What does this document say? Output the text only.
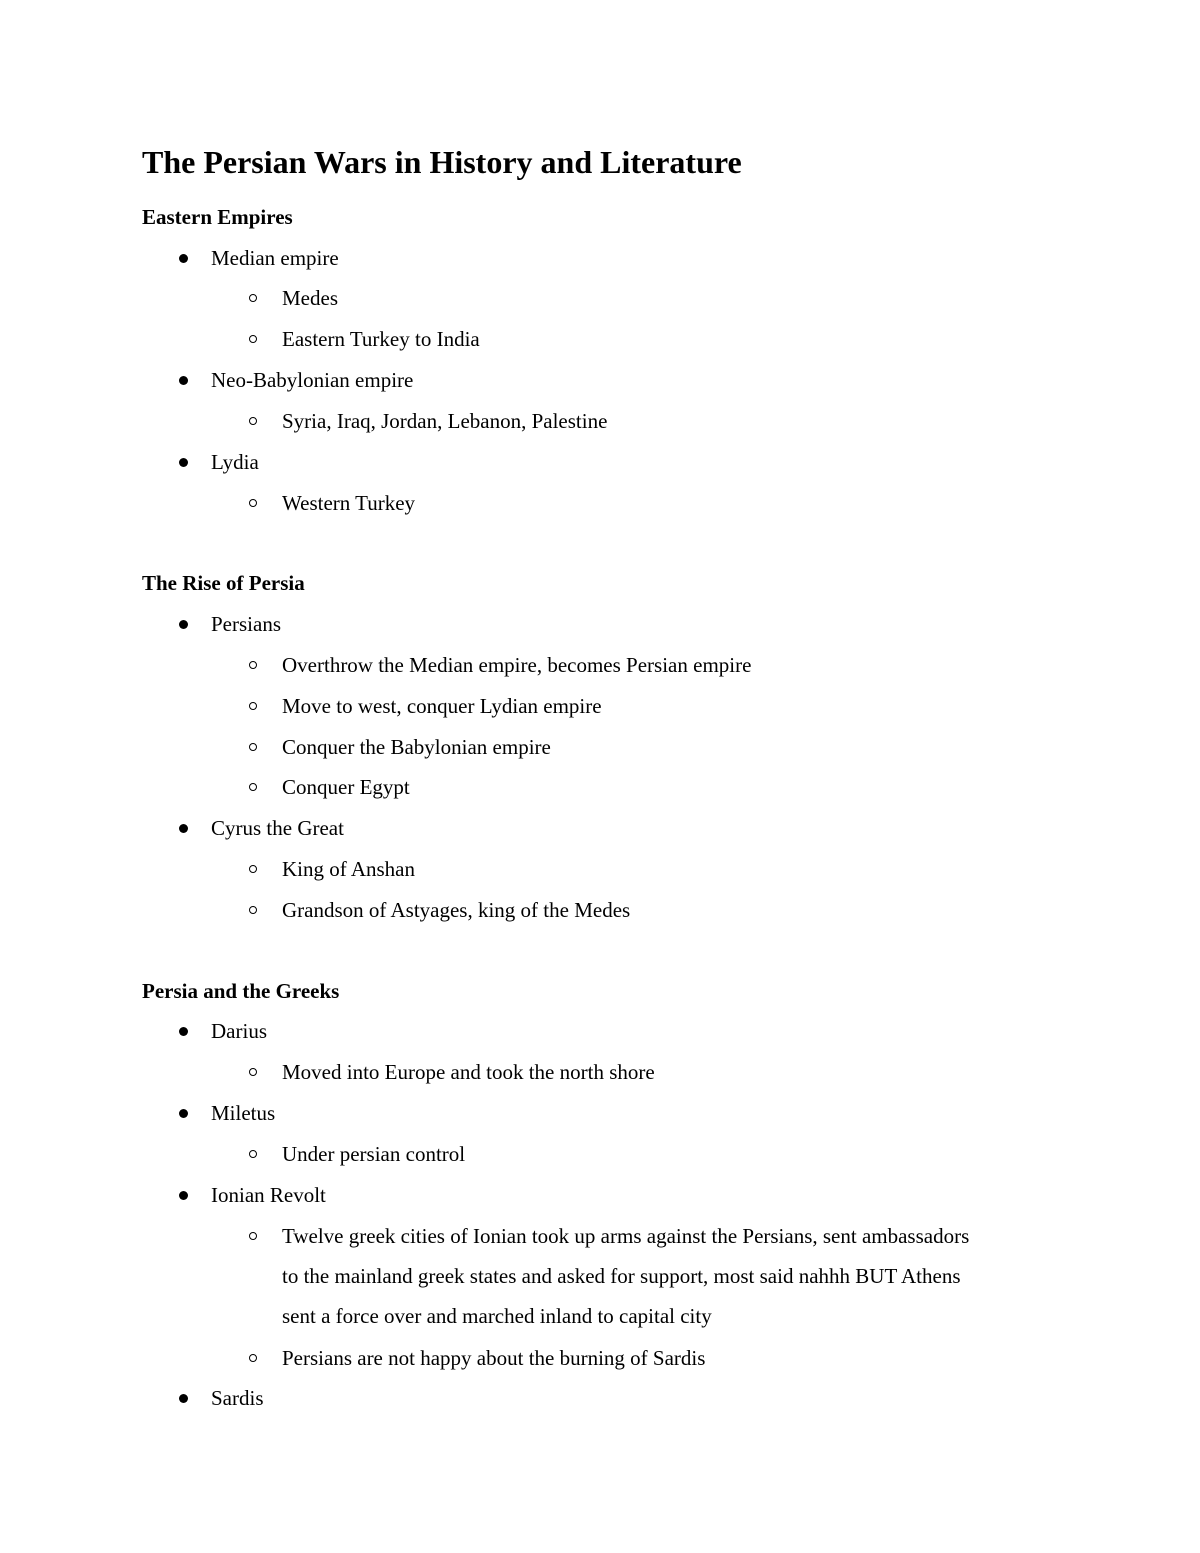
The Persian Wars in History and Literature
Eastern Empires
Median empire
Medes
Eastern Turkey to India
Neo-Babylonian empire
Syria, Iraq, Jordan, Lebanon, Palestine
Lydia
Western Turkey
The Rise of Persia
Persians
Overthrow the Median empire, becomes Persian empire
Move to west, conquer Lydian empire
Conquer the Babylonian empire
Conquer Egypt
Cyrus the Great
King of Anshan
Grandson of Astyages, king of the Medes
Persia and the Greeks
Darius
Moved into Europe and took the north shore
Miletus
Under persian control
Ionian Revolt
Twelve greek cities of Ionian took up arms against the Persians, sent ambassadors
to the mainland greek states and asked for support, most said nahhh BUT Athens
sent a force over and marched inland to capital city
Persians are not happy about the burning of Sardis
Sardis
